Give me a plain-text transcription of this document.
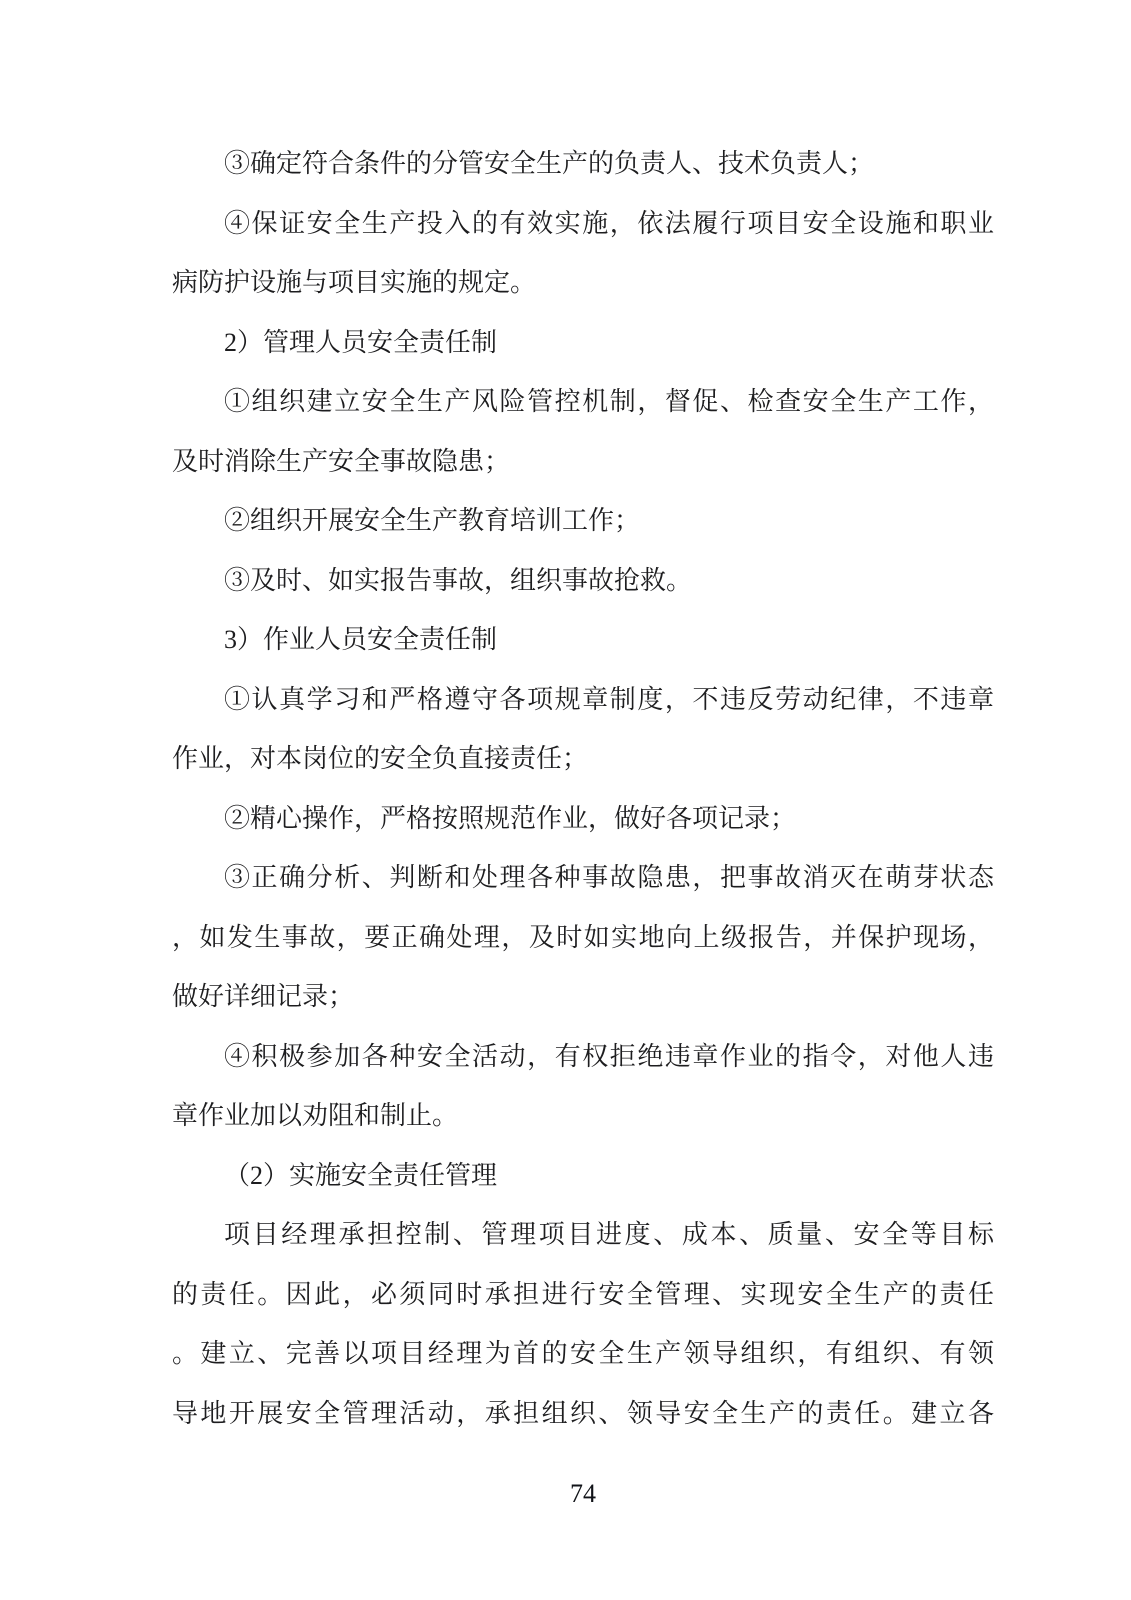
③确定符合条件的分管安全生产的负责人、技术负责人；
④保证安全生产投入的有效实施，依法履行项目安全设施和职业
病防护设施与项目实施的规定。
2）管理人员安全责任制
①组织建立安全生产风险管控机制，督促、检查安全生产工作，
及时消除生产安全事故隐患；
②组织开展安全生产教育培训工作；
③及时、如实报告事故，组织事故抢救。
3）作业人员安全责任制
①认真学习和严格遵守各项规章制度，不违反劳动纪律，不违章
作业，对本岗位的安全负直接责任；
②精心操作，严格按照规范作业，做好各项记录；
③正确分析、判断和处理各种事故隐患，把事故消灭在萌芽状态
，如发生事故，要正确处理，及时如实地向上级报告，并保护现场，
做好详细记录；
④积极参加各种安全活动，有权拒绝违章作业的指令，对他人违
章作业加以劝阻和制止。
（2）实施安全责任管理
项目经理承担控制、管理项目进度、成本、质量、安全等目标
的责任。因此，必须同时承担进行安全管理、实现安全生产的责任
。建立、完善以项目经理为首的安全生产领导组织，有组织、有领
导地开展安全管理活动，承担组织、领导安全生产的责任。建立各
74
